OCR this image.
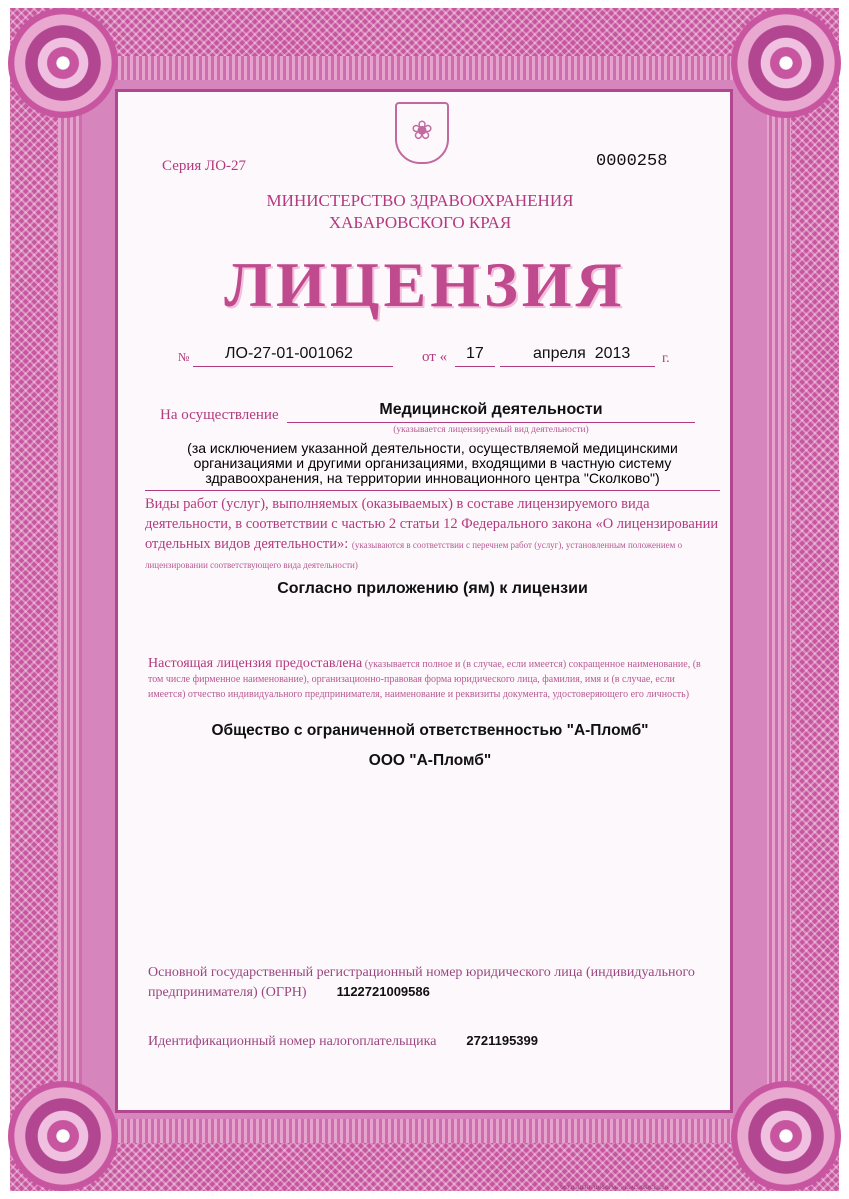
❀
Серия ЛО-27	0000258
МИНИСТЕРСТВО ЗДРАВООХРАНЕНИЯ
ХАБАРОВСКОГО КРАЯ
ЛИЦЕНЗИЯ
№ ЛО-27-01-001062	от « 17	апреля  2013 г.
На осуществление	Медицинской деятельности
(указывается лицензируемый вид деятельности)
(за исключением указанной деятельности, осуществляемой медицинскими организациями и другими организациями, входящими в частную систему здравоохранения, на территории инновационного центра "Сколково")
Виды работ (услуг), выполняемых (оказываемых) в составе лицензируемого вида деятельности, в соответствии с частью 2 статьи 12 Федерального закона «О лицензировании отдельных видов деятельности»: (указываются в соответствии с перечнем работ (услуг), установленным положением о лицензировании соответствующего вида деятельности)
Согласно приложению (ям) к лицензии
Настоящая лицензия предоставлена (указывается полное и (в случае, если имеется) сокращенное наименование, (в том числе фирменное наименование), организационно-правовая форма юридического лица, фамилия, имя и (в случае, если имеется) отчество индивидуального предпринимателя, наименование и реквизиты документа, удостоверяющего его личность)
Общество с ограниченной ответственностью "А-Пломб"
ООО "А-Пломб"
Основной государственный регистрационный номер юридического лица (индивидуального предпринимателя) (ОГРН) 1122721009586
Идентификационный номер налогоплательщика 2721195399
ФГУП «ЦЕНТРИНФОРМ», г. КРАСНОЯРСК, 2011
